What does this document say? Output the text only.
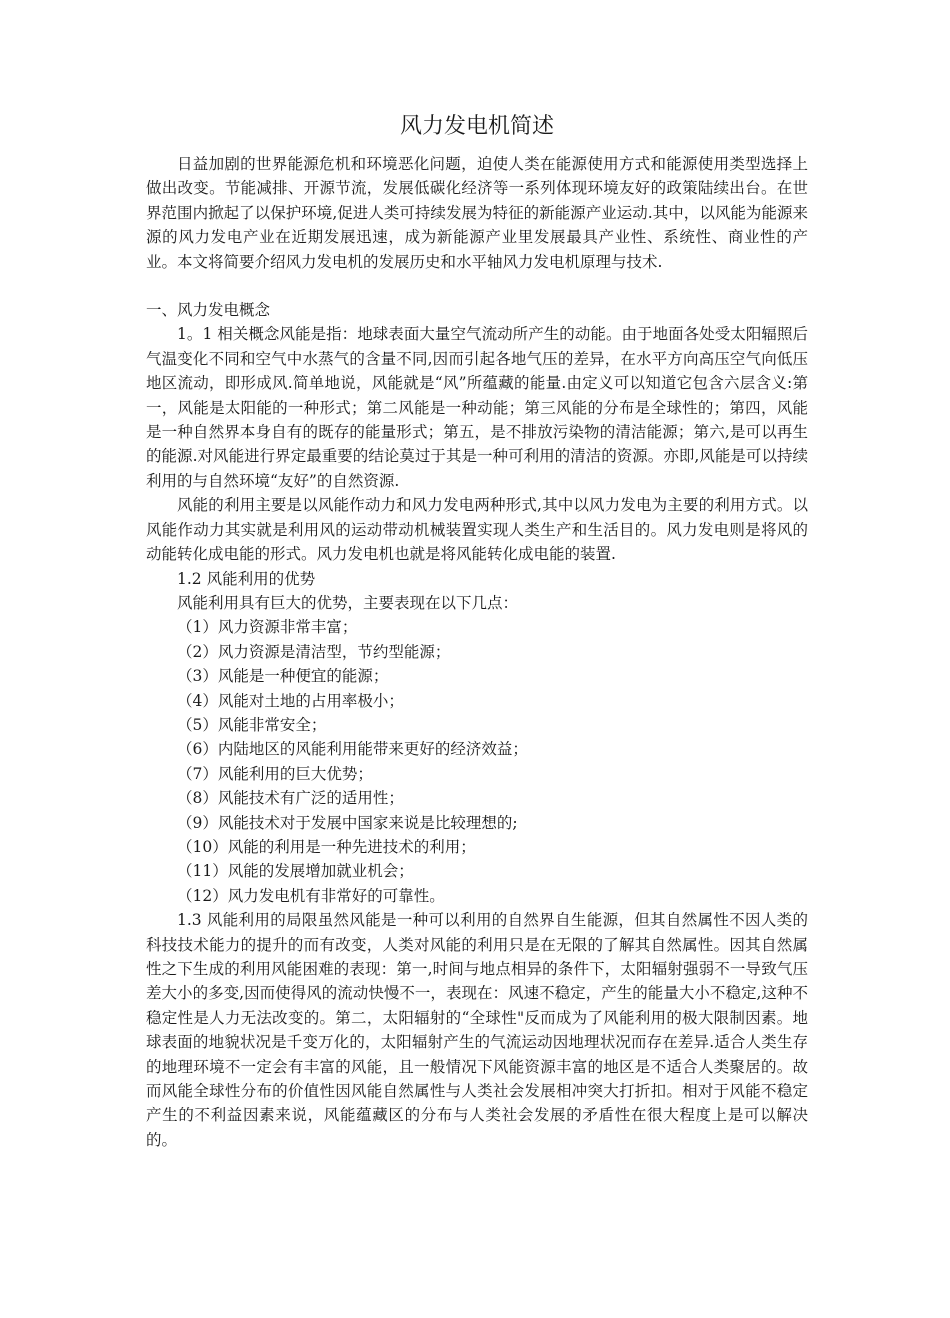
风力发电机简述

日益加剧的世界能源危机和环境恶化问题，迫使人类在能源使用方式和能源使用类型选择上做出改变。节能减排、开源节流，发展低碳化经济等一系列体现环境友好的政策陆续出台。在世界范围内掀起了以保护环境,促进人类可持续发展为特征的新能源产业运动.其中，以风能为能源来源的风力发电产业在近期发展迅速，成为新能源产业里发展最具产业性、系统性、商业性的产业。本文将简要介绍风力发电机的发展历史和水平轴风力发电机原理与技术.

一、风力发电概念

1。1 相关概念风能是指：地球表面大量空气流动所产生的动能。由于地面各处受太阳辐照后气温变化不同和空气中水蒸气的含量不同,因而引起各地气压的差异，在水平方向高压空气向低压地区流动，即形成风.简单地说，风能就是“风”所蕴藏的能量.由定义可以知道它包含六层含义:第一，风能是太阳能的一种形式；第二风能是一种动能；第三风能的分布是全球性的；第四，风能是一种自然界本身自有的既存的能量形式；第五，是不排放污染物的清洁能源；第六,是可以再生的能源.对风能进行界定最重要的结论莫过于其是一种可利用的清洁的资源。亦即,风能是可以持续利用的与自然环境“友好”的自然资源.

风能的利用主要是以风能作动力和风力发电两种形式,其中以风力发电为主要的利用方式。以风能作动力其实就是利用风的运动带动机械装置实现人类生产和生活目的。风力发电则是将风的动能转化成电能的形式。风力发电机也就是将风能转化成电能的装置.

1.2 风能利用的优势

风能利用具有巨大的优势，主要表现在以下几点：

（1）风力资源非常丰富；
（2）风力资源是清洁型，节约型能源；
（3）风能是一种便宜的能源；
（4）风能对土地的占用率极小；
（5）风能非常安全；
（6）内陆地区的风能利用能带来更好的经济效益；
（7）风能利用的巨大优势；
（8）风能技术有广泛的适用性；
（9）风能技术对于发展中国家来说是比较理想的;
（10）风能的利用是一种先进技术的利用；
（11）风能的发展增加就业机会；
（12）风力发电机有非常好的可靠性。

1.3 风能利用的局限虽然风能是一种可以利用的自然界自生能源，但其自然属性不因人类的科技技术能力的提升的而有改变，人类对风能的利用只是在无限的了解其自然属性。因其自然属性之下生成的利用风能困难的表现：第一,时间与地点相异的条件下，太阳辐射强弱不一导致气压差大小的多变,因而使得风的流动快慢不一，表现在：风速不稳定，产生的能量大小不稳定,这种不稳定性是人力无法改变的。第二，太阳辐射的“全球性"反而成为了风能利用的极大限制因素。地球表面的地貌状况是千变万化的，太阳辐射产生的气流运动因地理状况而存在差异.适合人类生存的地理环境不一定会有丰富的风能，且一般情况下风能资源丰富的地区是不适合人类聚居的。故而风能全球性分布的价值性因风能自然属性与人类社会发展相冲突大打折扣。相对于风能不稳定产生的不利益因素来说，风能蕴藏区的分布与人类社会发展的矛盾性在很大程度上是可以解决的。
